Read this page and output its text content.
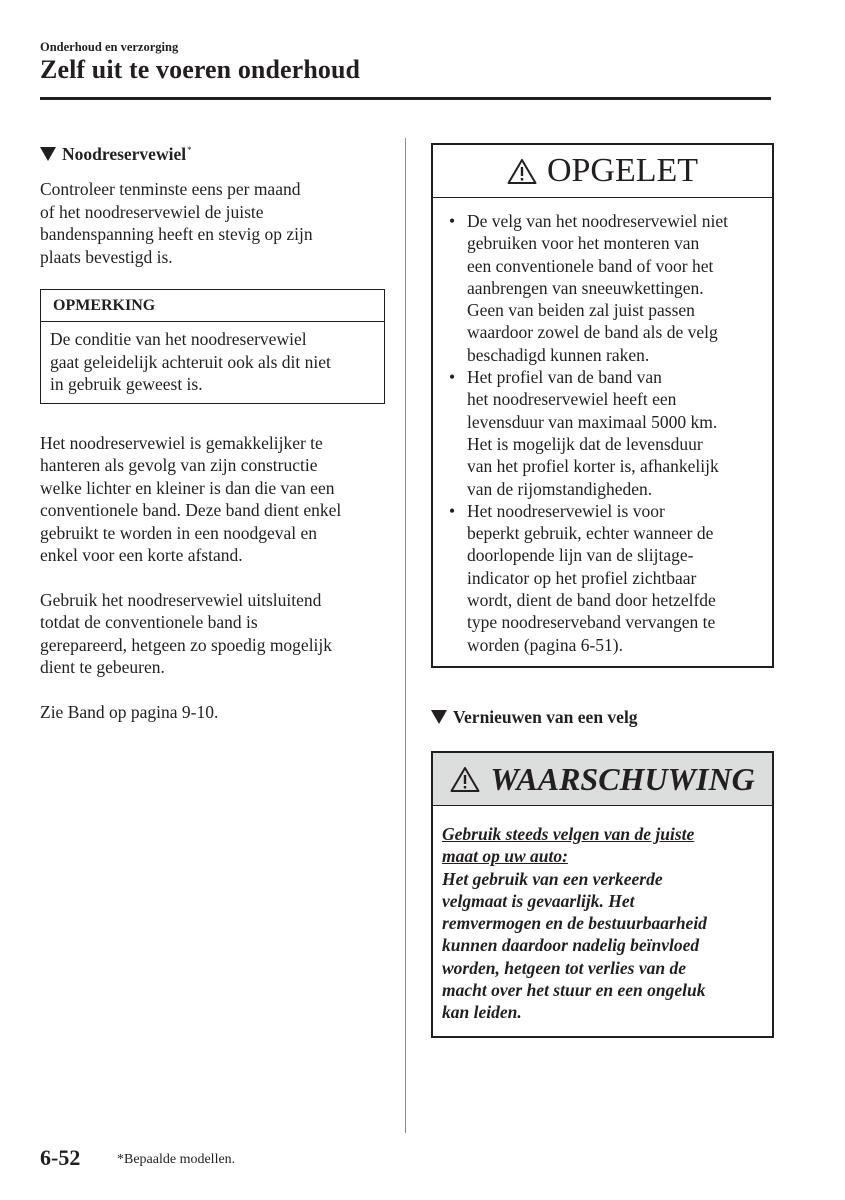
Onderhoud en verzorging
Zelf uit te voeren onderhoud
Noodreservewiel*

Controleer tenminste eens per maand
of het noodreservewiel de juiste
bandenspanning heeft en stevig op zijn
plaats bevestigd is.

OPMERKING
De conditie van het noodreservewiel
gaat geleidelijk achteruit ook als dit niet
in gebruik geweest is.

Het noodreservewiel is gemakkelijker te
hanteren als gevolg van zijn constructie
welke lichter en kleiner is dan die van een
conventionele band. Deze band dient enkel
gebruikt te worden in een noodgeval en
enkel voor een korte afstand.

Gebruik het noodreservewiel uitsluitend
totdat de conventionele band is
gerepareerd, hetgeen zo spoedig mogelijk
dient te gebeuren.

Zie Band op pagina 9-10.

OPGELET
• De velg van het noodreservewiel niet
gebruiken voor het monteren van
een conventionele band of voor het
aanbrengen van sneeuwkettingen.
Geen van beiden zal juist passen
waardoor zowel de band als de velg
beschadigd kunnen raken.
• Het profiel van de band van
het noodreservewiel heeft een
levensduur van maximaal 5000 km.
Het is mogelijk dat de levensduur
van het profiel korter is, afhankelijk
van de rijomstandigheden.
• Het noodreservewiel is voor
beperkt gebruik, echter wanneer de
doorlopende lijn van de slijtage-
indicator op het profiel zichtbaar
wordt, dient de band door hetzelfde
type noodreserveband vervangen te
worden (pagina 6-51).
Vernieuwen van een velg
WAARSCHUWING
Gebruik steeds velgen van de juiste
maat op uw auto:
Het gebruik van een verkeerde
velgmaat is gevaarlijk. Het
remvermogen en de bestuurbaarheid
kunnen daardoor nadelig beïnvloed
worden, hetgeen tot verlies van de
macht over het stuur en een ongeluk
kan leiden.
6-52	*Bepaalde modellen.
